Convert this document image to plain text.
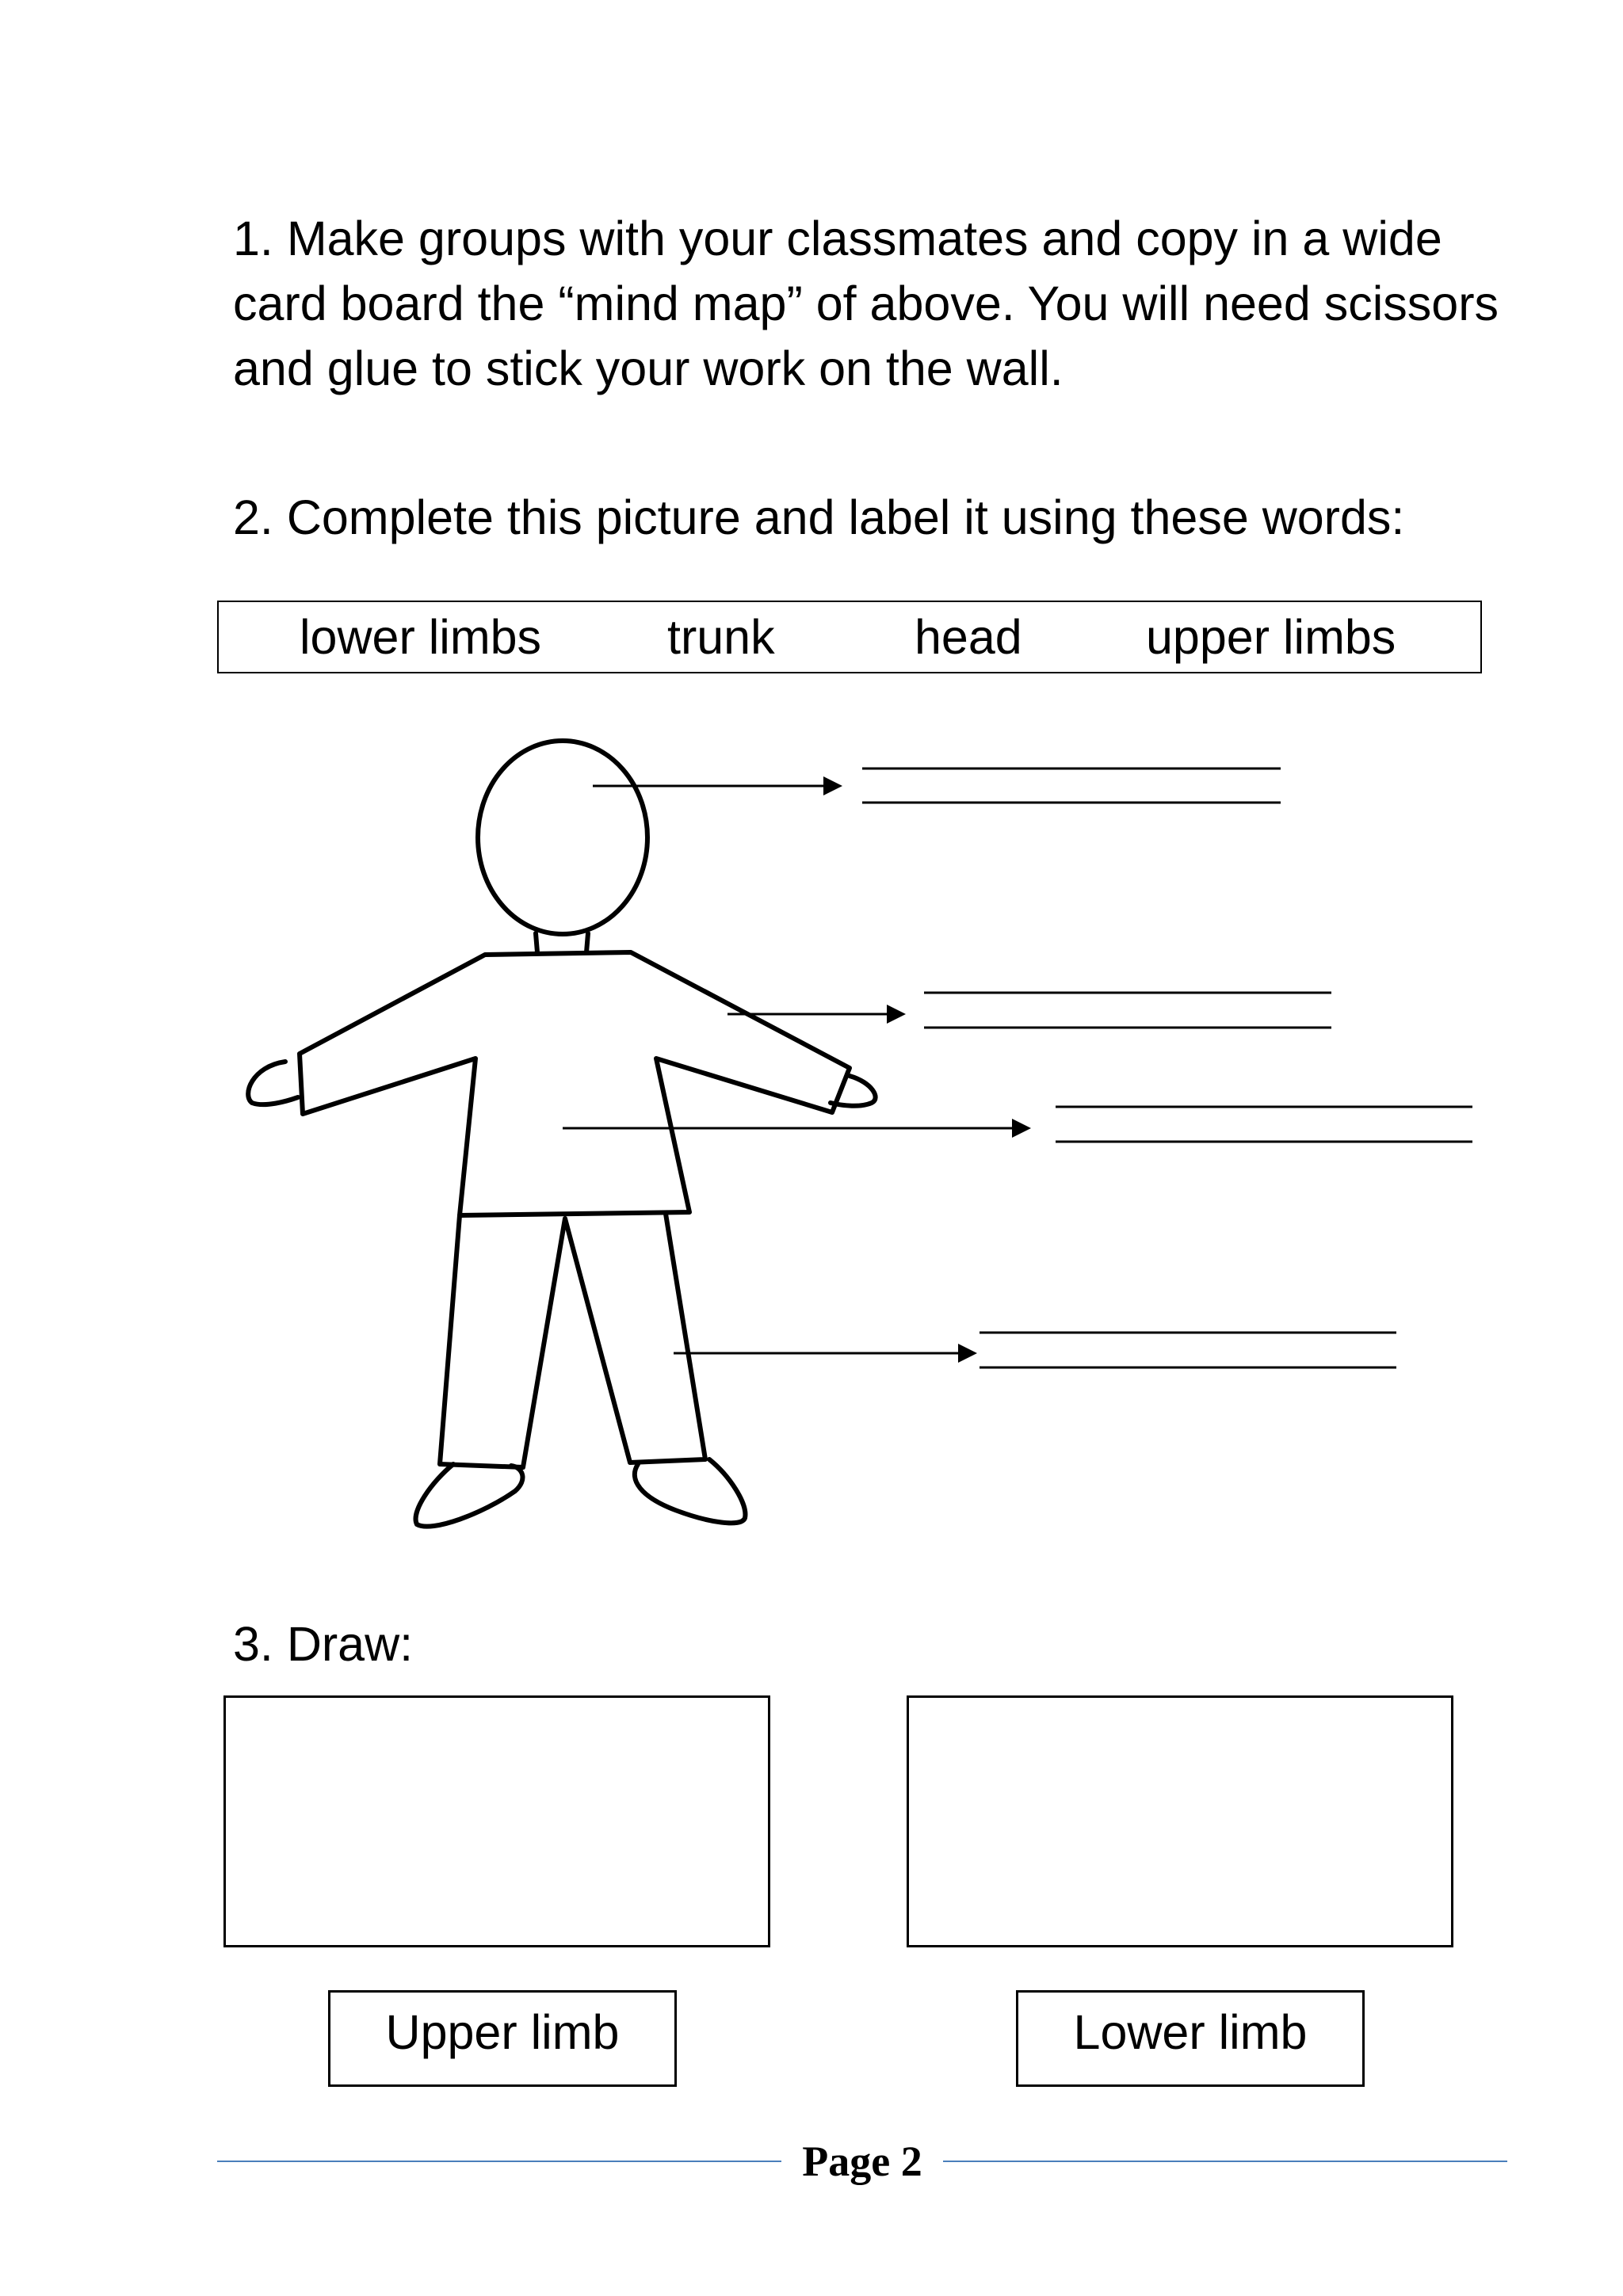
1. Make groups with your classmates and copy in a wide card board the “mind map” of above. You will need scissors and glue to stick your work on the wall.

2. Complete this picture and label it using these words:

lower limbs	trunk	head	upper limbs

3. Draw:

Upper limb	Lower limb
Page 2
